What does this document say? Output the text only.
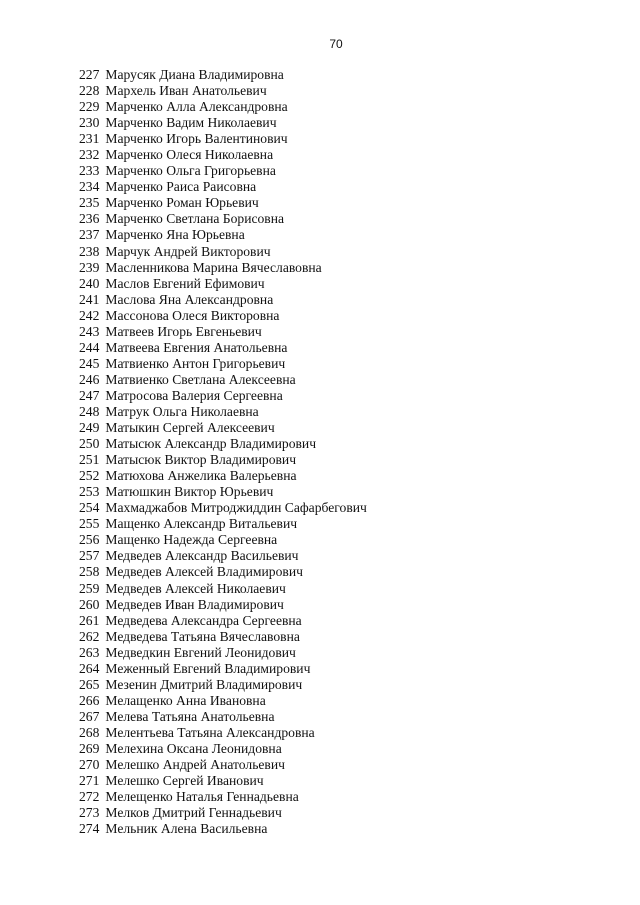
70
227 Марусяк Диана Владимировна
228 Мархель Иван Анатольевич
229 Марченко Алла Александровна
230 Марченко Вадим Николаевич
231 Марченко Игорь Валентинович
232 Марченко Олеся Николаевна
233 Марченко Ольга Григорьевна
234 Марченко Раиса Раисовна
235 Марченко Роман Юрьевич
236 Марченко Светлана Борисовна
237 Марченко Яна Юрьевна
238 Марчук Андрей Викторович
239 Масленникова Марина Вячеславовна
240 Маслов Евгений Ефимович
241 Маслова Яна Александровна
242 Массонова Олеся Викторовна
243 Матвеев Игорь Евгеньевич
244 Матвеева Евгения Анатольевна
245 Матвиенко Антон Григорьевич
246 Матвиенко Светлана Алексеевна
247 Матросова Валерия Сергеевна
248 Матрук Ольга Николаевна
249 Матыкин Сергей Алексеевич
250 Матысюк Александр Владимирович
251 Матысюк Виктор Владимирович
252 Матюхова Анжелика Валерьевна
253 Матюшкин Виктор Юрьевич
254 Махмаджабов Митроджиддин Сафарбегович
255 Мащенко Александр Витальевич
256 Мащенко Надежда Сергеевна
257 Медведев Александр Васильевич
258 Медведев Алексей Владимирович
259 Медведев Алексей Николаевич
260 Медведев Иван Владимирович
261 Медведева Александра Сергеевна
262 Медведева Татьяна Вячеславовна
263 Медведкин Евгений Леонидович
264 Меженный Евгений Владимирович
265 Мезенин Дмитрий Владимирович
266 Мелащенко Анна Ивановна
267 Мелева Татьяна Анатольевна
268 Мелентьева Татьяна Александровна
269 Мелехина Оксана Леонидовна
270 Мелешко Андрей Анатольевич
271 Мелешко Сергей Иванович
272 Мелещенко Наталья Геннадьевна
273 Мелков Дмитрий Геннадьевич
274 Мельник Алена Васильевна
